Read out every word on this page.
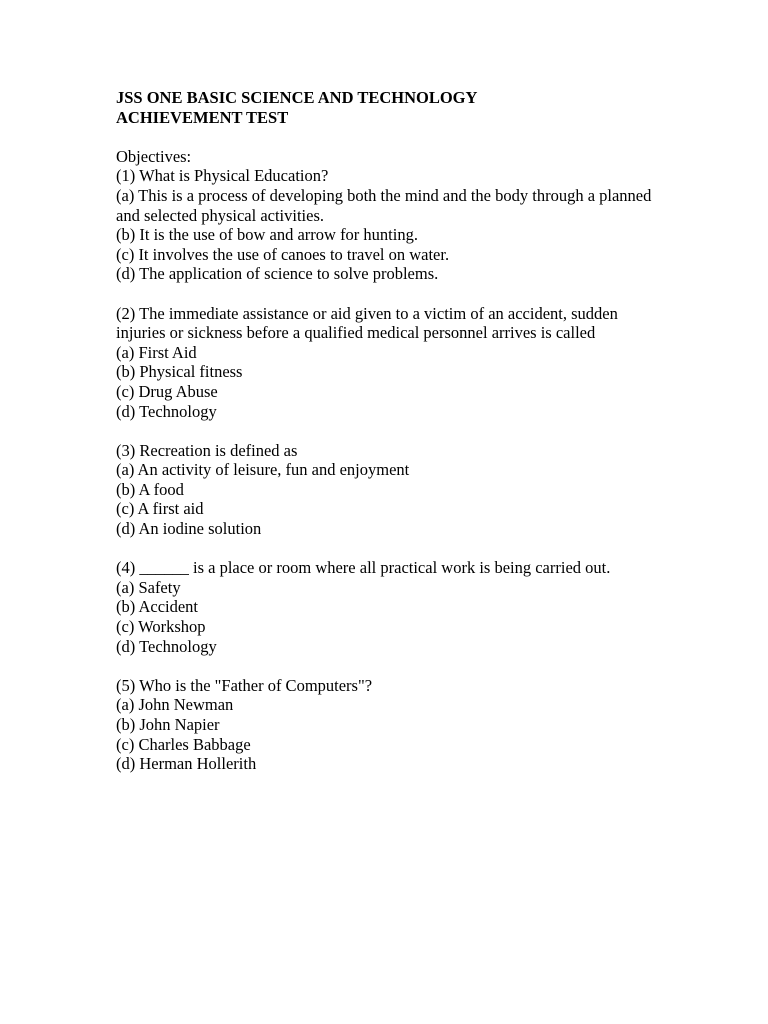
JSS ONE BASIC SCIENCE AND TECHNOLOGY
ACHIEVEMENT TEST

Objectives:

(1) What is Physical Education?

(a) This is a process of developing both the mind and the body through a planned and selected physical activities.
(b) It is the use of bow and arrow for hunting.
(c) It involves the use of canoes to travel on water.
(d) The application of science to solve problems.

(2) The immediate assistance or aid given to a victim of an accident, sudden injuries or sickness before a qualified medical personnel arrives is called

(a) First Aid
(b) Physical fitness
(c) Drug Abuse
(d) Technology

(3) Recreation is defined as

(a) An activity of leisure, fun and enjoyment
(b) A food
(c) A first aid
(d) An iodine solution

(4) ______ is a place or room where all practical work is being carried out.

(a) Safety
(b) Accident
(c) Workshop
(d) Technology

(5) Who is the "Father of Computers"?

(a) John Newman
(b) John Napier
(c) Charles Babbage
(d) Herman Hollerith
